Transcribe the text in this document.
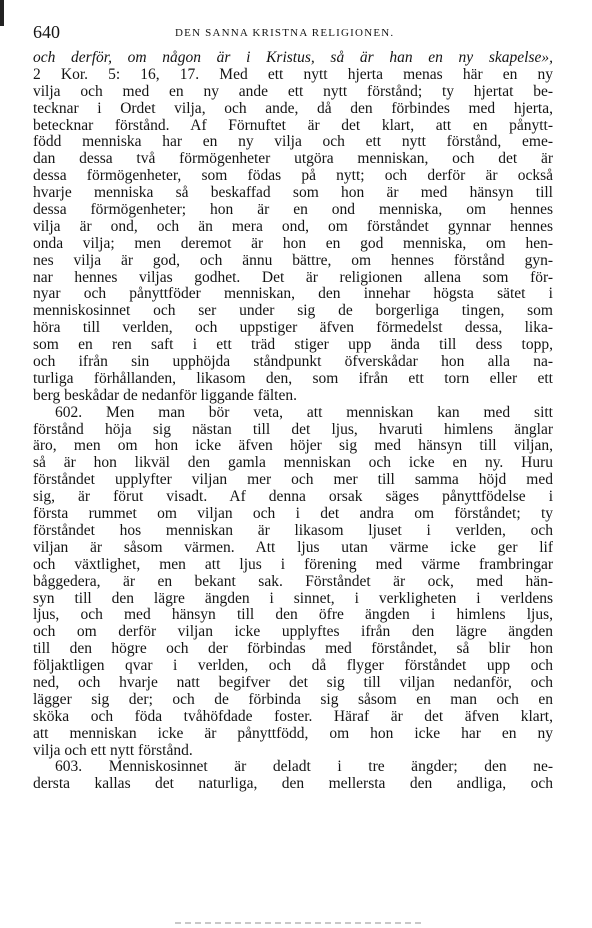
640	DEN SANNA KRISTNA RELIGIONEN.
och derför, om någon är i Kristus, så är han en ny skapelse»,
2 Kor. 5: 16, 17. Med ett nytt hjerta menas här en ny
vilja och med en ny ande ett nytt förstånd; ty hjertat be-
tecknar i Ordet vilja, och ande, då den förbindes med hjerta,
betecknar förstånd. Af Förnuftet är det klart, att en pånytt-
född menniska har en ny vilja och ett nytt förstånd, eme-
dan dessa två förmögenheter utgöra menniskan, och det är
dessa förmögenheter, som födas på nytt; och derför är också
hvarje menniska så beskaffad som hon är med hänsyn till
dessa förmögenheter; hon är en ond menniska, om hennes
vilja är ond, och än mera ond, om förståndet gynnar hennes
onda vilja; men deremot är hon en god menniska, om hen-
nes vilja är god, och ännu bättre, om hennes förstånd gyn-
nar hennes viljas godhet. Det är religionen allena som för-
nyar och pånyttföder menniskan, den innehar högsta sätet i
menniskosinnet och ser under sig de borgerliga tingen, som
höra till verlden, och uppstiger äfven förmedelst dessa, lika-
som en ren saft i ett träd stiger upp ända till dess topp,
och ifrån sin upphöjda ståndpunkt öfverskådar hon alla na-
turliga förhållanden, likasom den, som ifrån ett torn eller ett
berg beskådar de nedanför liggande fälten.
602. Men man bör veta, att menniskan kan med sitt
förstånd höja sig nästan till det ljus, hvaruti himlens änglar
äro, men om hon icke äfven höjer sig med hänsyn till viljan,
så är hon likväl den gamla menniskan och icke en ny. Huru
förståndet upplyfter viljan mer och mer till samma höjd med
sig, är förut visadt. Af denna orsak säges pånyttfödelse i
första rummet om viljan och i det andra om förståndet; ty
förståndet hos menniskan är likasom ljuset i verlden, och
viljan är såsom värmen. Att ljus utan värme icke ger lif
och växtlighet, men att ljus i förening med värme frambringar
båggedera, är en bekant sak. Förståndet är ock, med hän-
syn till den lägre ängden i sinnet, i verkligheten i verldens
ljus, och med hänsyn till den öfre ängden i himlens ljus,
och om derför viljan icke upplyftes ifrån den lägre ängden
till den högre och der förbindas med förståndet, så blir hon
följaktligen qvar i verlden, och då flyger förståndet upp och
ned, och hvarje natt begifver det sig till viljan nedanför, och
lägger sig der; och de förbinda sig såsom en man och en
sköka och föda tvåhöfdade foster. Häraf är det äfven klart,
att menniskan icke är pånyttfödd, om hon icke har en ny
vilja och ett nytt förstånd.
603. Menniskosinnet är deladt i tre ängder; den ne-
dersta kallas det naturliga, den mellersta den andliga, och
